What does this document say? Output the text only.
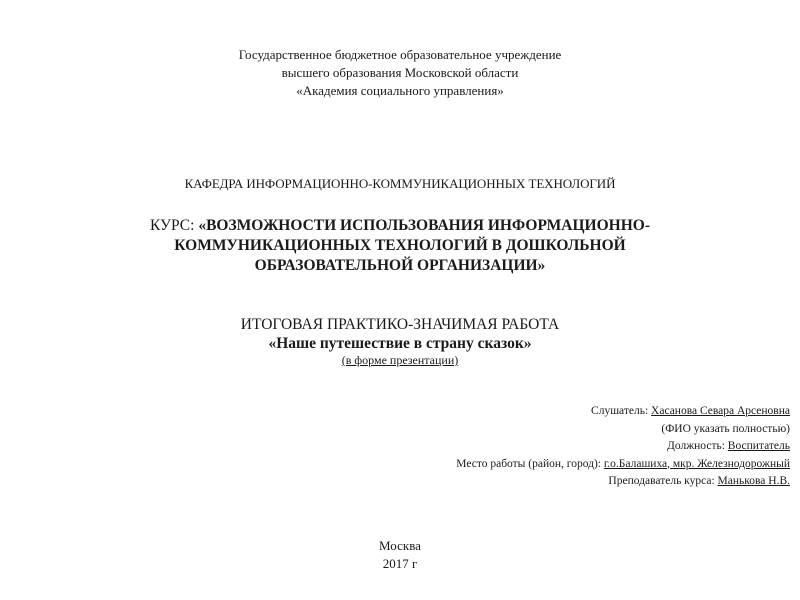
Государственное бюджетное образовательное учреждение
высшего образования Московской области
«Академия социального управления»
КАФЕДРА ИНФОРМАЦИОННО-КОММУНИКАЦИОННЫХ ТЕХНОЛОГИЙ
КУРС: «ВОЗМОЖНОСТИ ИСПОЛЬЗОВАНИЯ ИНФОРМАЦИОННО-
КОММУНИКАЦИОННЫХ ТЕХНОЛОГИЙ В ДОШКОЛЬНОЙ
ОБРАЗОВАТЕЛЬНОЙ ОРГАНИЗАЦИИ»
ИТОГОВАЯ ПРАКТИКО-ЗНАЧИМАЯ РАБОТА
«Наше путешествие в страну сказок»
(в форме презентации)
Слушатель: Хасанова Севара Арсеновна
(ФИО указать полностью)
Должность: Воспитатель
Место работы (район, город): г.о.Балашиха, мкр. Железнодорожный
Преподаватель курса: Манькова Н.В.
Москва
2017 г
